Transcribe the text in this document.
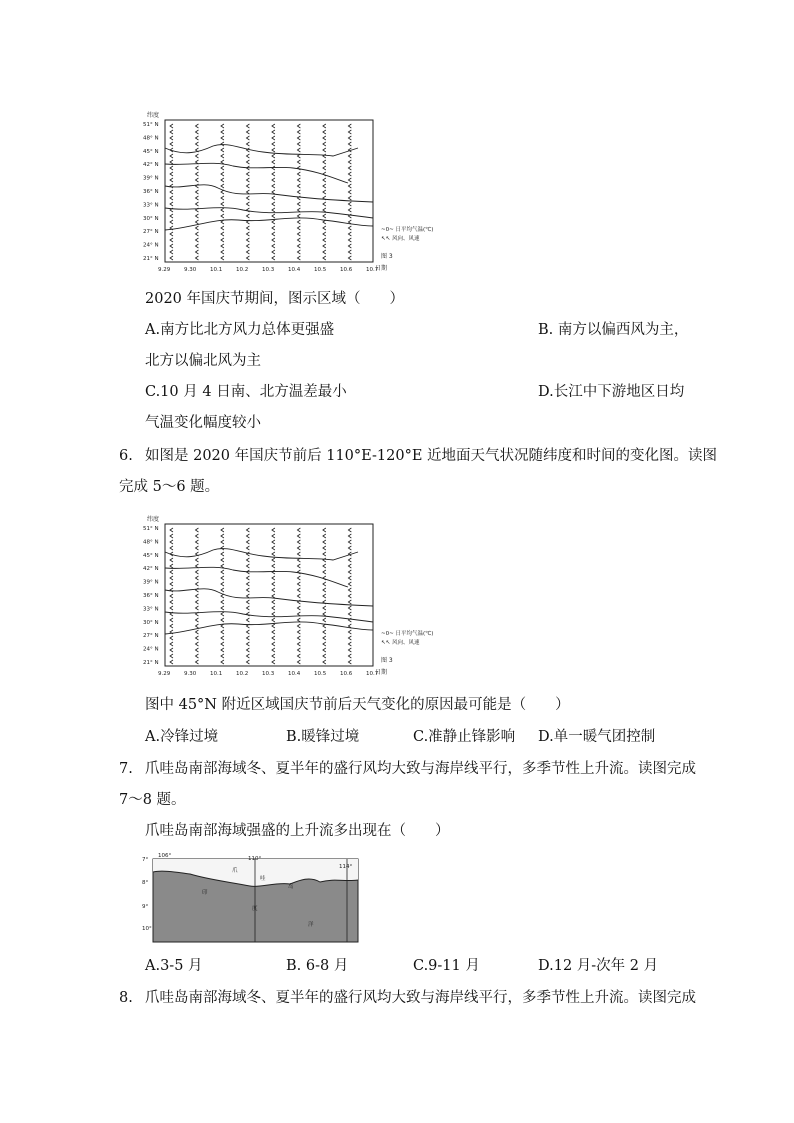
纬度
51° N
48° N
45° N
42° N
39° N
36° N
33° N
30° N
27° N
24° N
21° N
9.29	9.30	10.1	10.2	10.3	10.4	10.5	10.6	10.7
~0~ 日平均气温(℃)
↖↖ 风向、风速
图 3
日期
2020 年国庆节期间，图示区域（　　）
A.南方比北方风力总体更强盛	B. 南方以偏西风为主，
北方以偏北风为主
C.10 月 4 日南、北方温差最小	D.长江中下游地区日均
气温变化幅度较小
6. 如图是 2020 年国庆节前后 110°E-120°E 近地面天气状况随纬度和时间的变化图。读图
完成 5～6 题。
纬度
51° N
48° N
45° N
42° N
39° N
36° N
33° N
30° N
27° N
24° N
21° N
9.29	9.30	10.1	10.2	10.3	10.4	10.5	10.6	10.7
~0~ 日平均气温(℃)
↖↖ 风向、风速
图 3
日期
图中 45°N 附近区域国庆节前后天气变化的原因最可能是（　　）
A.冷锋过境	B.暖锋过境	C.准静止锋影响 D.单一暖气团控制
7. 爪哇岛南部海域冬、夏半年的盛行风均大致与海岸线平行，多季节性上升流。读图完成
7～8 题。
爪哇岛南部海域强盛的上升流多出现在（　　）
7°
8°
9°
10°
106°	110°
114°
爪
哇
岛
印
度
洋
A.3-5 月	B. 6-8 月	C.9-11 月	D.12 月-次年 2 月
8. 爪哇岛南部海域冬、夏半年的盛行风均大致与海岸线平行，多季节性上升流。读图完成
